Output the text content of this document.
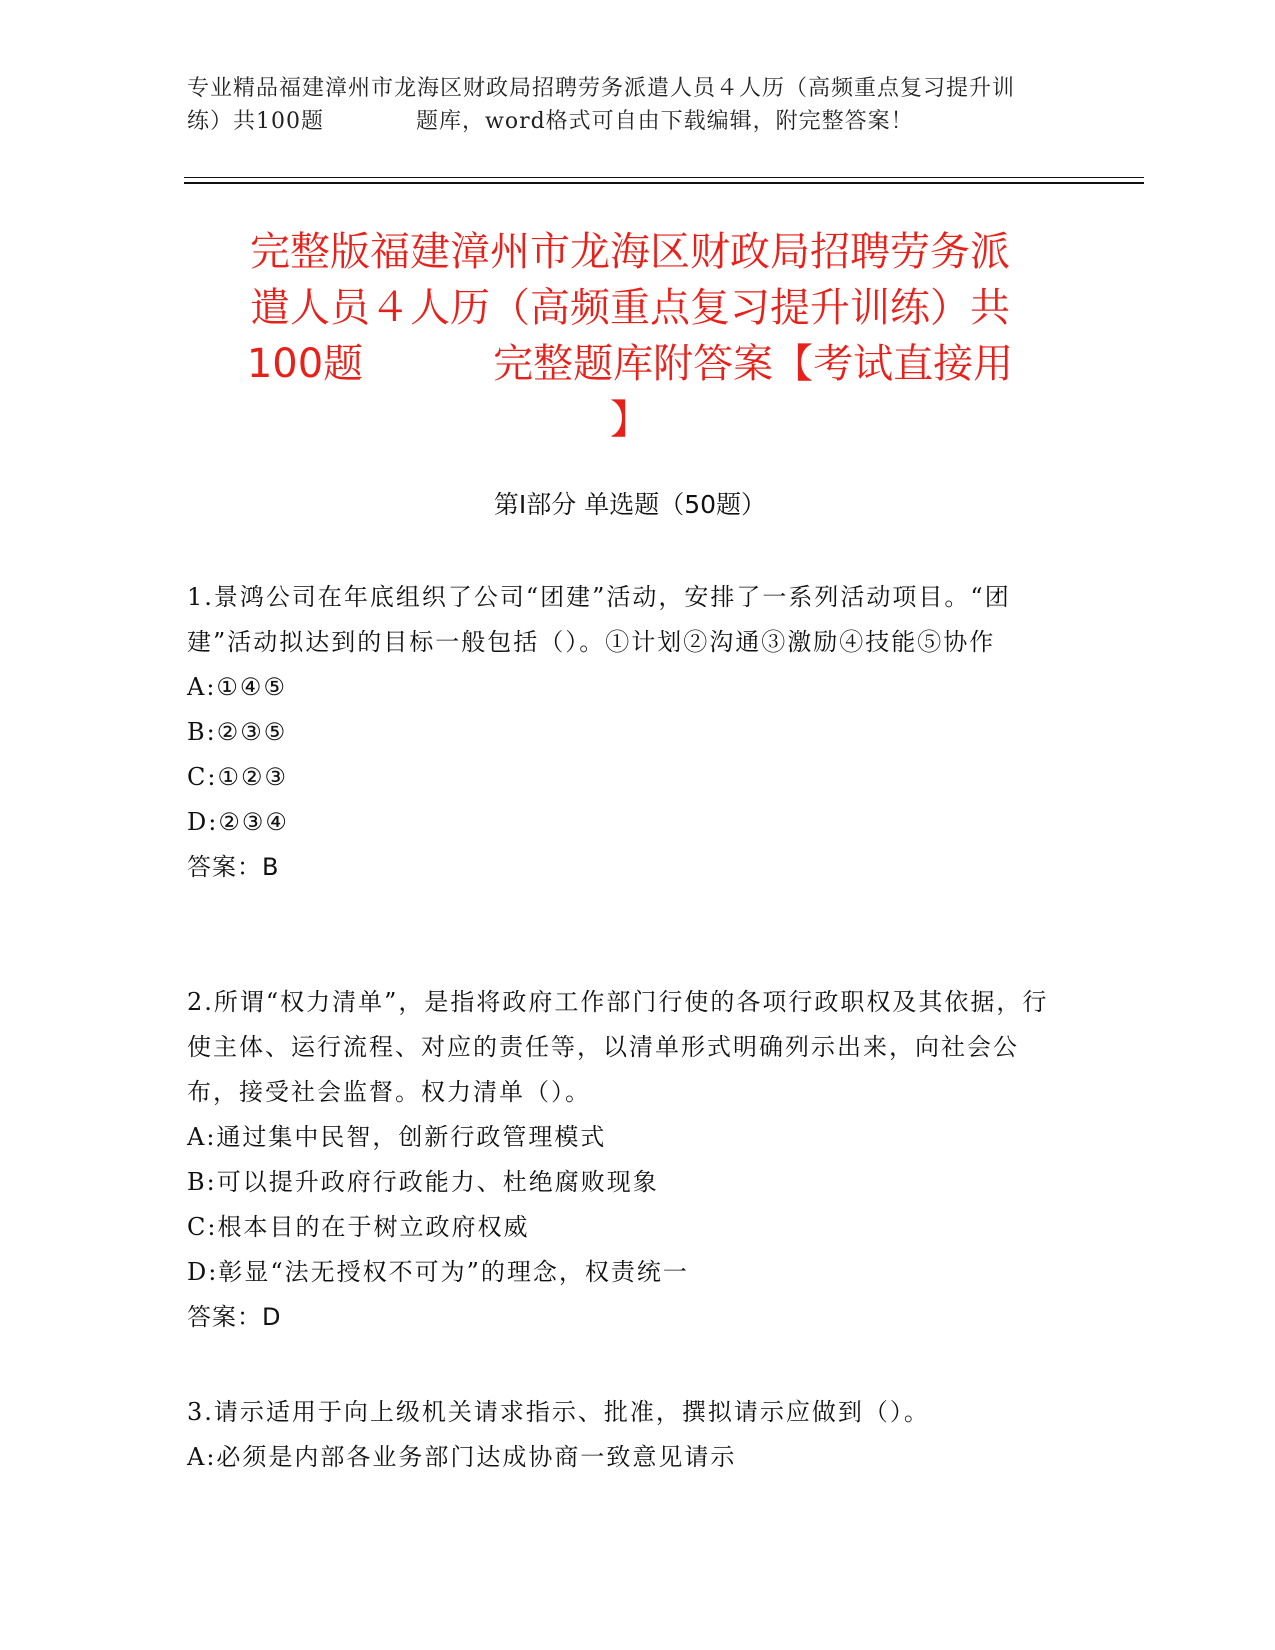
专业精品福建漳州市龙海区财政局招聘劳务派遣人员４人历（高频重点复习提升训
练）共100题　　　　题库，word格式可自由下载编辑，附完整答案！
完整版福建漳州市龙海区财政局招聘劳务派
遣人员４人历（高频重点复习提升训练）共
100题	完整题库附答案【考试直接用
】
第Ⅰ部分 单选题（50题）

1.景鸿公司在年底组织了公司“团建”活动，安排了一系列活动项目。“团建”活动拟达到的目标一般包括（）。①计划②沟通③激励④技能⑤协作

A:①④⑤

B:②③⑤

C:①②③

D:②③④

答案：B

2.所谓“权力清单”，是指将政府工作部门行使的各项行政职权及其依据，行使主体、运行流程、对应的责任等，以清单形式明确列示出来，向社会公布，接受社会监督。权力清单（）。

A:通过集中民智，创新行政管理模式

B:可以提升政府行政能力、杜绝腐败现象

C:根本目的在于树立政府权威

D:彰显“法无授权不可为”的理念，权责统一

答案：D

3.请示适用于向上级机关请求指示、批准，撰拟请示应做到（）。

A:必须是内部各业务部门达成协商一致意见请示
